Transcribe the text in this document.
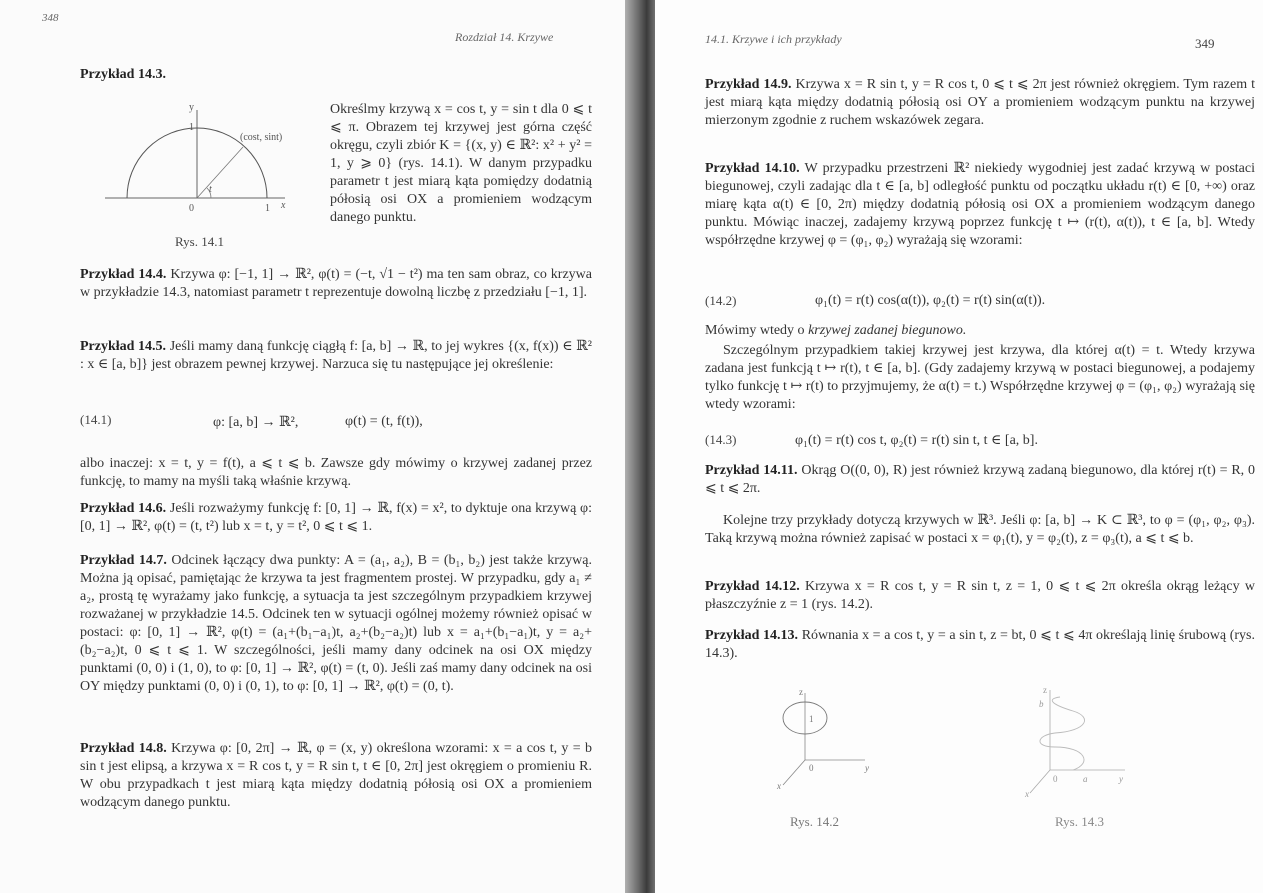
348
Rozdział 14. Krzywe
Przykład 14.3.
y
1
(cost, sint)
0	1 x
t
Rys. 14.1

Określmy krzywą x = cos t, y = sin t dla 0 ⩽ t ⩽ π. Obrazem tej krzywej jest górna część okręgu, czyli zbiór K = {(x, y) ∈ ℝ²: x² + y² = 1, y ⩾ 0} (rys. 14.1). W danym przypadku parametr t jest miarą kąta pomiędzy dodatnią półosią osi OX a promieniem wodzącym danego punktu.

Przykład 14.4. Krzywa φ: [−1, 1] → ℝ², φ(t) = (−t, √1 − t²) ma ten sam obraz, co krzywa w przykładzie 14.3, natomiast parametr t reprezentuje dowolną liczbę z przedziału [−1, 1].

Przykład 14.5. Jeśli mamy daną funkcję ciągłą f: [a, b] → ℝ, to jej wykres {(x, f(x)) ∈ ℝ² : x ∈ [a, b]} jest obrazem pewnej krzywej. Narzuca się tu następujące jej określenie:

(14.1)	φ: [a, b] → ℝ²,	φ(t) = (t, f(t)),

albo inaczej: x = t, y = f(t), a ⩽ t ⩽ b. Zawsze gdy mówimy o krzywej zadanej przez funkcję, to mamy na myśli taką właśnie krzywą.

Przykład 14.6. Jeśli rozważymy funkcję f: [0, 1] → ℝ, f(x) = x², to dyktuje ona krzywą φ: [0, 1] → ℝ², φ(t) = (t, t²) lub x = t, y = t², 0 ⩽ t ⩽ 1.

Przykład 14.7. Odcinek łączący dwa punkty: A = (a₁, a₂), B = (b₁, b₂) jest także krzywą. Można ją opisać, pamiętając że krzywa ta jest fragmentem prostej. W przypadku, gdy a₁ ≠ a₂, prostą tę wyrażamy jako funkcję, a sytuacja ta jest szczególnym przypadkiem krzywej rozważanej w przykładzie 14.5. Odcinek ten w sytuacji ogólnej możemy również opisać w postaci: φ: [0, 1] → ℝ², φ(t) = (a₁+(b₁−a₁)t, a₂+(b₂−a₂)t) lub x = a₁+(b₁−a₁)t, y = a₂+(b₂−a₂)t, 0 ⩽ t ⩽ 1. W szczególności, jeśli mamy dany odcinek na osi OX między punktami (0, 0) i (1, 0), to φ: [0, 1] → ℝ², φ(t) = (t, 0). Jeśli zaś mamy dany odcinek na osi OY między punktami (0, 0) i (0, 1), to φ: [0, 1] → ℝ², φ(t) = (0, t).

Przykład 14.8. Krzywa φ: [0, 2π] → ℝ, φ = (x, y) określona wzorami: x = a cos t, y = b sin t jest elipsą, a krzywa x = R cos t, y = R sin t, t ∈ [0, 2π] jest okręgiem o promieniu R. W obu przypadkach t jest miarą kąta między dodatnią półosią osi OX a promieniem wodzącym danego punktu.

14.1. Krzywe i ich przykłady	349

Przykład 14.9. Krzywa x = R sin t, y = R cos t, 0 ⩽ t ⩽ 2π jest również okręgiem. Tym razem t jest miarą kąta między dodatnią półosią osi OY a promieniem wodzącym punktu na krzywej mierzonym zgodnie z ruchem wskazówek zegara.

Przykład 14.10. W przypadku przestrzeni ℝ² niekiedy wygodniej jest zadać krzywą w postaci biegunowej, czyli zadając dla t ∈ [a, b] odległość punktu od początku układu r(t) ∈ [0, +∞) oraz miarę kąta α(t) ∈ [0, 2π) między dodatnią półosią osi OX a promieniem wodzącym danego punktu. Mówiąc inaczej, zadajemy krzywą poprzez funkcję t ↦ (r(t), α(t)), t ∈ [a, b]. Wtedy współrzędne krzywej φ = (φ₁, φ₂) wyrażają się wzorami:

(14.2)	φ₁(t) = r(t) cos(α(t)), φ₂(t) = r(t) sin(α(t)).

Mówimy wtedy o krzywej zadanej biegunowo.

Szczególnym przypadkiem takiej krzywej jest krzywa, dla której α(t) = t. Wtedy krzywa zadana jest funkcją t ↦ r(t), t ∈ [a, b]. (Gdy zadajemy krzywą w postaci biegunowej, a podajemy tylko funkcję t ↦ r(t) to przyjmujemy, że α(t) = t.) Współrzędne krzywej φ = (φ₁, φ₂) wyrażają się wtedy wzorami:

(14.3)	φ₁(t) = r(t) cos t, φ₂(t) = r(t) sin t, t ∈ [a, b].

Przykład 14.11. Okrąg O((0, 0), R) jest również krzywą zadaną biegunowo, dla której r(t) = R, 0 ⩽ t ⩽ 2π.

Kolejne trzy przykłady dotyczą krzywych w ℝ³. Jeśli φ: [a, b] → K ⊂ ℝ³, to φ = (φ₁, φ₂, φ₃). Taką krzywą można również zapisać w postaci x = φ₁(t), y = φ₂(t), z = φ₃(t), a ⩽ t ⩽ b.

Przykład 14.12. Krzywa x = R cos t, y = R sin t, z = 1, 0 ⩽ t ⩽ 2π określa okrąg leżący w płaszczyźnie z = 1 (rys. 14.2).

Przykład 14.13. Równania x = a cos t, y = a sin t, z = bt, 0 ⩽ t ⩽ 4π określają linię śrubową (rys. 14.3).

z
1
0	y
x
Rys. 14.2
z
b
0	a	y
x
Rys. 14.3
